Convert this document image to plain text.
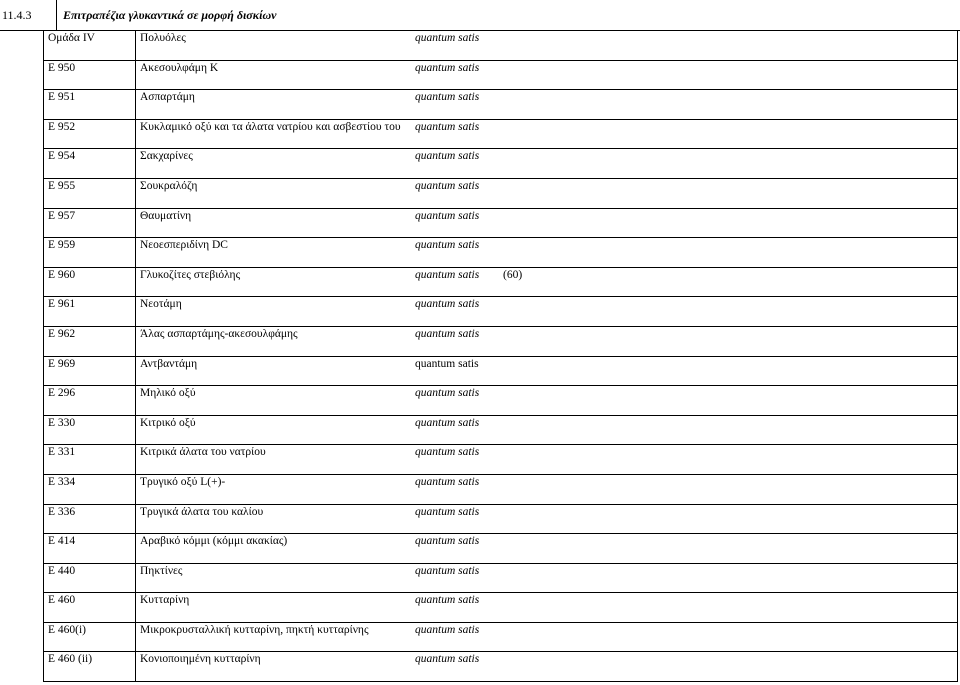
11.4.3	Επιτραπέζια γλυκαντικά σε μορφή δισκίων
Ομάδα IV	Πολυόλες	quantum satis	

Ε 950	Ακεσουλφάμη Κ	quantum satis	

Ε 951	Ασπαρτάμη	quantum satis	

Ε 952	Κυκλαμικό οξύ και τα άλατα νατρίου και ασβεστίου του	quantum satis	

Ε 954	Σακχαρίνες	quantum satis	

Ε 955	Σουκραλόζη	quantum satis	

Ε 957	Θαυματίνη	quantum satis	

Ε 959	Νεοεσπεριδίνη DC	quantum satis	

Ε 960	Γλυκοζίτες στεβιόλης	quantum satis	(60)

Ε 961	Νεοτάμη	quantum satis	

Ε 962	Άλας ασπαρτάμης-ακεσουλφάμης	quantum satis	

Ε 969	Αντβαντάμη	quantum satis	

Ε 296	Μηλικό οξύ	quantum satis	

Ε 330	Κιτρικό οξύ	quantum satis	

Ε 331	Κιτρικά άλατα του νατρίου	quantum satis	

Ε 334	Τρυγικό οξύ L(+)-	quantum satis	

Ε 336	Τρυγικά άλατα του καλίου	quantum satis	

Ε 414	Αραβικό κόμμι (κόμμι ακακίας)	quantum satis	

Ε 440	Πηκτίνες	quantum satis	

Ε 460	Κυτταρίνη	quantum satis	

Ε 460(i)	Μικροκρυσταλλική κυτταρίνη, πηκτή κυτταρίνης	quantum satis	

Ε 460 (ii)	Κονιοποιημένη κυτταρίνη	quantum satis	
